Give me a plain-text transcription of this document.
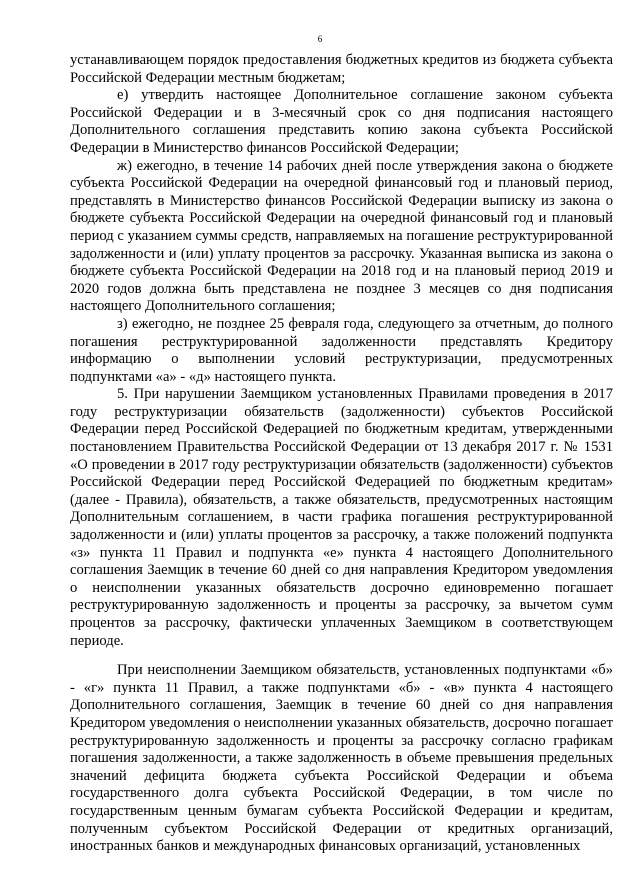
6

устанавливающем порядок предоставления бюджетных кредитов из бюджета субъекта Российской Федерации местным бюджетам;

е) утвердить настоящее Дополнительное соглашение законом субъекта Российской Федерации и в 3-месячный срок со дня подписания настоящего Дополнительного соглашения представить копию закона субъекта Российской Федерации в Министерство финансов Российской Федерации;

ж) ежегодно, в течение 14 рабочих дней после утверждения закона о бюджете субъекта Российской Федерации на очередной финансовый год и плановый период, представлять в Министерство финансов Российской Федерации выписку из закона о бюджете субъекта Российской Федерации на очередной финансовый год и плановый период с указанием суммы средств, направляемых на погашение реструктурированной задолженности и (или) уплату процентов за рассрочку. Указанная выписка из закона о бюджете субъекта Российской Федерации на 2018 год и на плановый период 2019 и 2020 годов должна быть представлена не позднее 3 месяцев со дня подписания настоящего Дополнительного соглашения;

з) ежегодно, не позднее 25 февраля года, следующего за отчетным, до полного погашения реструктурированной задолженности представлять Кредитору информацию о выполнении условий реструктуризации, предусмотренных подпунктами «а» - «д» настоящего пункта.

5. При нарушении Заемщиком установленных Правилами проведения в 2017 году реструктуризации обязательств (задолженности) субъектов Российской Федерации перед Российской Федерацией по бюджетным кредитам, утвержденными постановлением Правительства Российской Федерации от 13 декабря 2017 г. № 1531 «О проведении в 2017 году реструктуризации обязательств (задолженности) субъектов Российской Федерации перед Российской Федерацией по бюджетным кредитам» (далее - Правила), обязательств, а также обязательств, предусмотренных настоящим Дополнительным соглашением, в части графика погашения реструктурированной задолженности и (или) уплаты процентов за рассрочку, а также положений подпункта «з» пункта 11 Правил и подпункта «е» пункта 4 настоящего Дополнительного соглашения Заемщик в течение 60 дней со дня направления Кредитором уведомления о неисполнении указанных обязательств досрочно единовременно погашает реструктурированную задолженность и проценты за рассрочку, за вычетом сумм процентов за рассрочку, фактически уплаченных Заемщиком в соответствующем периоде.

При неисполнении Заемщиком обязательств, установленных подпунктами «б» - «г» пункта 11 Правил, а также подпунктами «б» - «в» пункта 4 настоящего Дополнительного соглашения, Заемщик в течение 60 дней со дня направления Кредитором уведомления о неисполнении указанных обязательств, досрочно погашает реструктурированную задолженность и проценты за рассрочку согласно графикам погашения задолженности, а также задолженность в объеме превышения предельных значений дефицита бюджета субъекта Российской Федерации и объема государственного долга субъекта Российской Федерации, в том числе по государственным ценным бумагам субъекта Российской Федерации и кредитам, полученным субъектом Российской Федерации от кредитных организаций, иностранных банков и международных финансовых организаций, установленных
